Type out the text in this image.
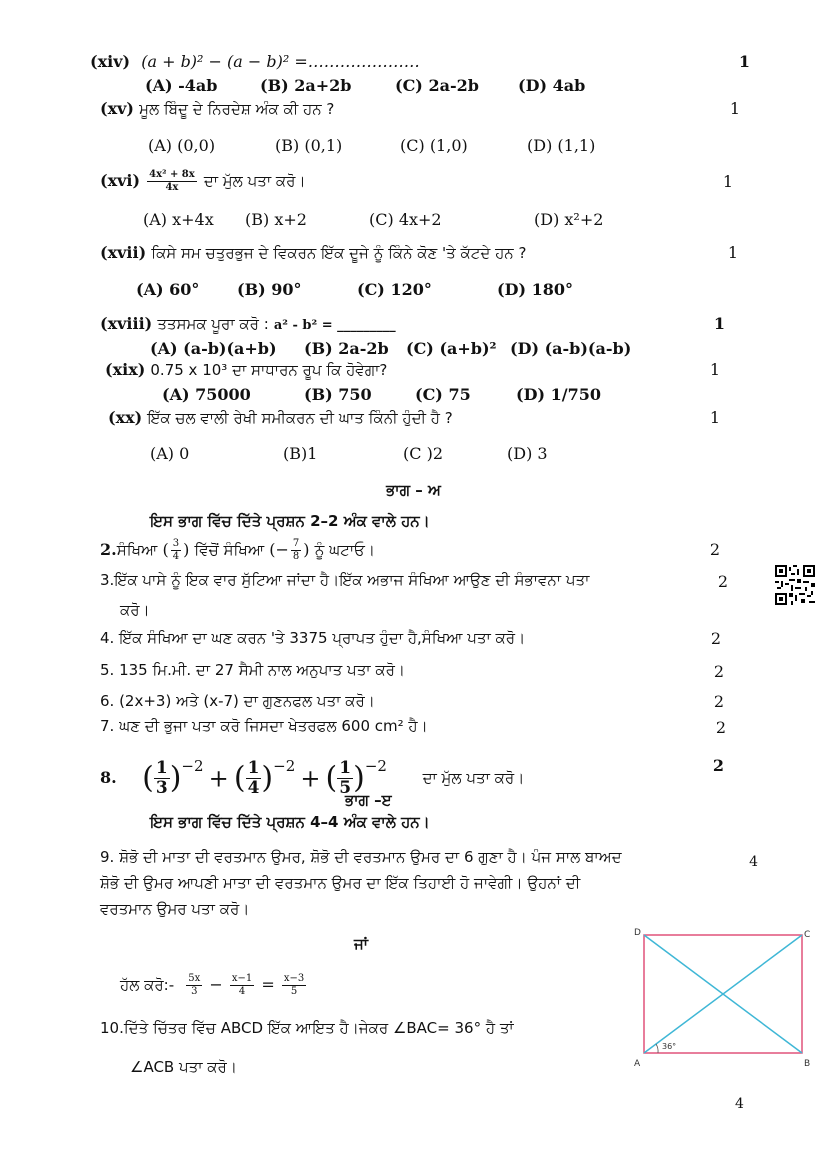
(xiv) (a + b)² − (a − b)² =…………………	1
(A) -4ab	(B) 2a+2b	(C) 2a-2b (D) 4ab
(xv) ਮੂਲ ਬਿੰਦੂ ਦੇ ਨਿਰਦੇਸ਼ ਅੰਕ ਕੀ ਹਨ ?	1
(A) (0,0)	(B) (0,1)	(C) (1,0)	(D) (1,1)
$(xvi) \frac{\text{4x² + 8x}}{4x}$ ਦਾ ਮੁੱਲ ਪਤਾ ਕਰੋ।	1
(A) x+4x (B) x+2	(C) 4x+2	(D) x²+2
(xvii) ਕਿਸੇ ਸਮ ਚਤੁਰਭੁਜ ਦੇ ਵਿਕਰਨ ਇੱਕ ਦੂਜੇ ਨੂੰ ਕਿੰਨੇ ਕੋਣ 'ਤੇ ਕੱਟਦੇ ਹਨ ?	1
(A) 60° (B) 90°	(C) 120°	(D) 180°
(xviii) ਤਤਸਮਕ ਪੂਰਾ ਕਰੋ : a² - b² = _________	1
(A) (a-b)(a+b) (B) 2a-2b (C) (a+b)² (D) (a-b)(a-b)
(xix) 0.75 x 10³ ਦਾ ਸਾਧਾਰਨ ਰੂਪ ਕਿ ਹੋਵੇਗਾ?	1
(A) 75000	(B) 750	(C) 75	(D) 1/750
(xx) ਇੱਕ ਚਲ ਵਾਲੀ ਰੇਖੀ ਸਮੀਕਰਨ ਦੀ ਘਾਤ ਕਿੰਨੀ ਹੁੰਦੀ ਹੈ ?	1
(A) 0	(B)1	(C )2	(D) 3
ਭਾਗ – ਅ
ਇਸ ਭਾਗ ਵਿੱਚ ਦਿੱਤੇ ਪ੍ਰਸ਼ਨ 2–2 ਅੰਕ ਵਾਲੇ ਹਨ।
2.ਸੰਖਿਆ ( $\frac{3}{4}$ ) ਵਿੱਚੋਂ ਸੰਖਿਆ (− $\frac{7}{8}$ ) ਨੂੰ ਘਟਾਓ।	2
3.ਇੱਕ ਪਾਸੇ ਨੂੰ ਇਕ ਵਾਰ ਸੁੱਟਿਆ ਜਾਂਦਾ ਹੈ।ਇੱਕ ਅਭਾਜ ਸੰਖਿਆ ਆਉਣ ਦੀ ਸੰਭਾਵਨਾ ਪਤਾ
ਕਰੋ।
2
4. ਇੱਕ ਸੰਖਿਆ ਦਾ ਘਣ ਕਰਨ 'ਤੇ 3375 ਪ੍ਰਾਪਤ ਹੁੰਦਾ ਹੈ,ਸੰਖਿਆ ਪਤਾ ਕਰੋ।	2
5. 135 ਮਿ.ਮੀ. ਦਾ 27 ਸੈਮੀ ਨਾਲ ਅਨੁਪਾਤ ਪਤਾ ਕਰੋ।	2
6. (2x+3) ਅਤੇ (x-7) ਦਾ ਗੁਣਨਫਲ ਪਤਾ ਕਰੋ।	2
7. ਘਣ ਦੀ ਭੁਜਾ ਪਤਾ ਕਰੋ ਜਿਸਦਾ ਖੇਤਰਫਲ 600 cm² ਹੈ।	2
8. ( $\frac{1}{3} )^{-2}$ + ( $\frac{1}{4} )^{-2}$ + ( $\frac{1}{5} )^{-2}$       ਦਾ ਮੁੱਲ ਪਤਾ ਕਰੋ।
2
ਭਾਗ –ੲ
ਇਸ ਭਾਗ ਵਿੱਚ ਦਿੱਤੇ ਪ੍ਰਸ਼ਨ 4–4 ਅੰਕ ਵਾਲੇ ਹਨ।
9. ਸ਼ੋਭੋ ਦੀ ਮਾਤਾ ਦੀ ਵਰਤਮਾਨ ਉਮਰ, ਸ਼ੋਭੋ ਦੀ ਵਰਤਮਾਨ ਉਮਰ ਦਾ 6 ਗੁਣਾ ਹੈ। ਪੰਜ ਸਾਲ ਬਾਅਦ
ਸ਼ੋਭੋ ਦੀ ਉਮਰ ਆਪਣੀ ਮਾਤਾ ਦੀ ਵਰਤਮਾਨ ਉਮਰ ਦਾ ਇੱਕ ਤਿਹਾਈ ਹੋ ਜਾਵੇਗੀ। ਉਹਨਾਂ ਦੀ
ਵਰਤਮਾਨ ਉਮਰ ਪਤਾ ਕਰੋ।
4
ਜਾਂ
ਹੱਲ ਕਰੋ:- $\frac{5x}{3} - \frac{x-1}{4} = \frac{x-3}{5}$
10.ਦਿੱਤੇ ਚਿੱਤਰ ਵਿੱਚ ABCD ਇੱਕ ਆਇਤ ਹੈ।ਜੇਕਰ ∠BAC= 36° ਹੈ ਤਾਂ
∠ACB ਪਤਾ ਕਰੋ।
36°
D	C
A	B
4
